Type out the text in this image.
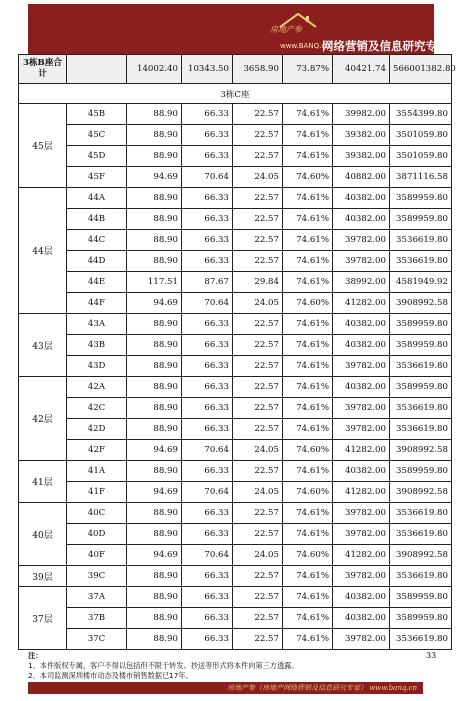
房地产参
www.BANQ.cn
网络营销及信息研究专家
3栋B座合计		14002.40	10343.50	3658.90	73.87%	40421.74	566001382.80
3栋C座							
45层	45B	88.90	66.33	22.57	74.61%	39982.00	3554399.80
	45C	88.90	66.33	22.57	74.61%	39382.00	3501059.80
	45D	88.90	66.33	22.57	74.61%	39382.00	3501059.80
	45F	94.69	70.64	24.05	74.60%	40882.00	3871116.58
44层	44A	88.90	66.33	22.57	74.61%	40382.00	3589959.80
	44B	88.90	66.33	22.57	74.61%	40382.00	3589959.80
	44C	88.90	66.33	22.57	74.61%	39782.00	3536619.80
	44D	88.90	66.33	22.57	74.61%	39782.00	3536619.80
	44E	117.51	87.67	29.84	74.61%	38992.00	4581949.92
	44F	94.69	70.64	24.05	74.60%	41282.00	3908992.58
43层	43A	88.90	66.33	22.57	74.61%	40382.00	3589959.80
	43B	88.90	66.33	22.57	74.61%	40382.00	3589959.80
	43D	88.90	66.33	22.57	74.61%	39782.00	3536619.80
42层	42A	88.90	66.33	22.57	74.61%	40382.00	3589959.80
	42C	88.90	66.33	22.57	74.61%	39782.00	3536619.80
	42D	88.90	66.33	22.57	74.61%	39782.00	3536619.80
	42F	94.69	70.64	24.05	74.60%	41282.00	3908992.58
41层	41A	88.90	66.33	22.57	74.61%	40382.00	3589959.80
	41F	94.69	70.64	24.05	74.60%	41282.00	3908992.58
40层	40C	88.90	66.33	22.57	74.61%	39782.00	3536619.80
	40D	88.90	66.33	22.57	74.61%	39782.00	3536619.80
	40F	94.69	70.64	24.05	74.60%	41282.00	3908992.58
39层	39C	88.90	66.33	22.57	74.61%	39782.00	3536619.80
37层	37A	88.90	66.33	22.57	74.61%	40382.00	3589959.80
	37B	88.90	66.33	22.57	74.61%	40382.00	3589959.80
	37C	88.90	66.33	22.57	74.61%	39782.00	3536619.80
注：
1、本件版权专属，客户不得以包括但不限于转发、抄送等形式将本件向第三方透露。
2、本司监测深圳楼市动态及楼市销售数据已17年。
33
房地产参（房地产网络营销及信息研究专家） www.banq.cn
